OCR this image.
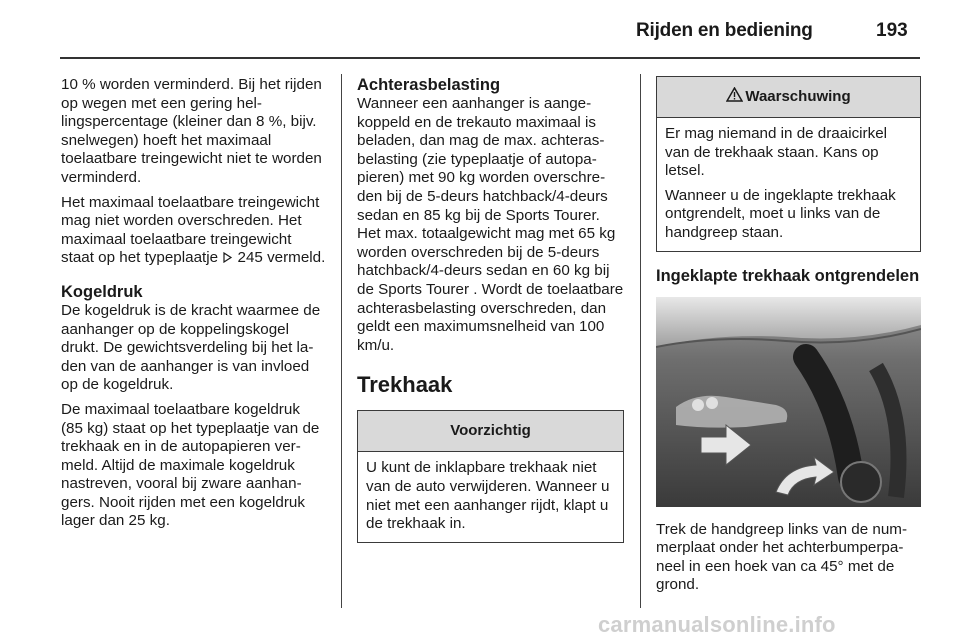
Rijden en bediening	193

10 % worden verminderd. Bij het rijden op wegen met een gering hellingspercentage (kleiner dan 8 %, bijv. snelwegen) hoeft het maximaal toelaatbare treingewicht niet te worden verminderd.

Het maximaal toelaatbare treingewicht mag niet worden overschreden. Het maximaal toelaatbare treingewicht staat op het typeplaatje  245 vermeld.

Kogeldruk

De kogeldruk is de kracht waarmee de aanhanger op de koppelingskogel drukt. De gewichtsverdeling bij het laden van de aanhanger is van invloed op de kogeldruk.

De maximaal toelaatbare kogeldruk (85 kg) staat op het typeplaatje van de trekhaak en in de autopapieren vermeld. Altijd de maximale kogeldruk nastreven, vooral bij zware aanhangers. Nooit rijden met een kogeldruk lager dan 25 kg.

Achterasbelasting

Wanneer een aanhanger is aangekoppeld en de trekauto maximaal is beladen, dan mag de max. achterasbelasting (zie typeplaatje of autopapieren) met 90 kg worden overschreden bij de 5-deurs hatchback/4-deurs sedan en 85 kg bij de Sports Tourer. Het max. totaalgewicht mag met 65 kg worden overschreden bij de 5-deurs hatchback/4-deurs sedan en 60 kg bij de Sports Tourer . Wordt de toelaatbare achterasbelasting overschreden, dan geldt een maximumsnelheid van 100 km/u.

Trekhaak
Voorzichtig

U kunt de inklapbare trekhaak niet van de auto verwijderen. Wanneer u niet met een aanhanger rijdt, klapt u de trekhaak in.

Waarschuwing

Er mag niemand in de draaicirkel van de trekhaak staan. Kans op letsel.

Wanneer u de ingeklapte trekhaak ontgrendelt, moet u links van de handgreep staan.

Ingeklapte trekhaak ontgrendelen

Trek de handgreep links van de nummerplaat onder het achterbumperpaneel in een hoek van ca 45° met de grond.

carmanualsonline.info
